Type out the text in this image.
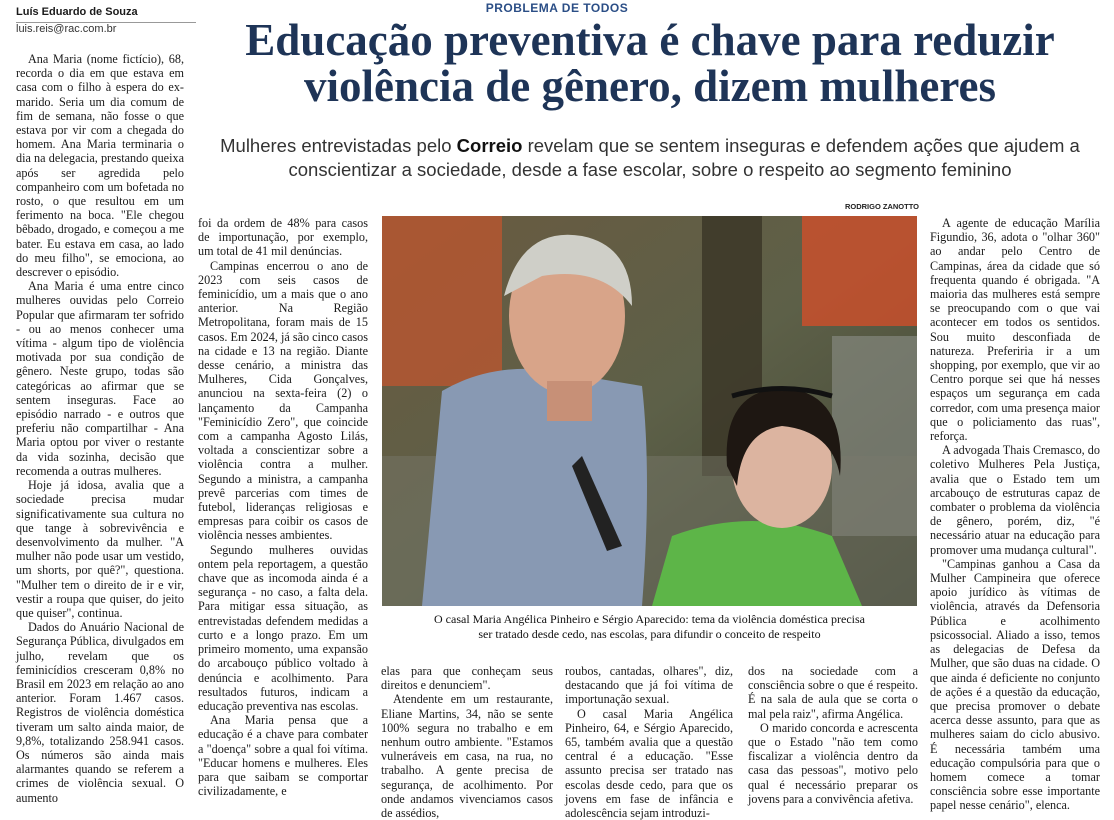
Luís Eduardo de Souza
luis.reis@rac.com.br
PROBLEMA DE TODOS
Educação preventiva é chave para reduzir
violência de gênero, dizem mulheres
Mulheres entrevistadas pelo Correio revelam que se sentem inseguras e defendem ações que ajudem a conscientizar a sociedade, desde a fase escolar, sobre o respeito ao segmento feminino
RODRIGO ZANOTTO
O casal Maria Angélica Pinheiro e Sérgio Aparecido: tema da violência doméstica precisa
ser tratado desde cedo, nas escolas, para difundir o conceito de respeito

Ana Maria (nome fictício), 68, recorda o dia em que estava em casa com o filho à espera do ex-marido. Seria um dia comum de fim de semana, não fosse o que estava por vir com a chegada do homem. Ana Maria terminaria o dia na delegacia, prestando queixa após ser agredida pelo companheiro com um bofetada no rosto, o que resultou em um ferimento na boca. "Ele chegou bêbado, drogado, e começou a me bater. Eu estava em casa, ao lado do meu filho", se emociona, ao descrever o episódio.

Ana Maria é uma entre cinco mulheres ouvidas pelo Correio Popular que afirmaram ter sofrido - ou ao menos conhecer uma vítima - algum tipo de violência motivada por sua condição de gênero. Neste grupo, todas são categóricas ao afirmar que se sentem inseguras. Face ao episódio narrado - e outros que preferiu não compartilhar - Ana Maria optou por viver o restante da vida sozinha, decisão que recomenda a outras mulheres.

Hoje já idosa, avalia que a sociedade precisa mudar significativamente sua cultura no que tange à sobrevivência e desenvolvimento da mulher. "A mulher não pode usar um vestido, um shorts, por quê?", questiona. "Mulher tem o direito de ir e vir, vestir a roupa que quiser, do jeito que quiser", continua.

Dados do Anuário Nacional de Segurança Pública, divulgados em julho, revelam que os feminicídios cresceram 0,8% no Brasil em 2023 em relação ao ano anterior. Foram 1.467 casos. Registros de violência doméstica tiveram um salto ainda maior, de 9,8%, totalizando 258.941 casos. Os números são ainda mais alarmantes quando se referem a crimes de violência sexual. O aumento

foi da ordem de 48% para casos de importunação, por exemplo, um total de 41 mil denúncias.

Campinas encerrou o ano de 2023 com seis casos de feminicídio, um a mais que o ano anterior. Na Região Metropolitana, foram mais de 15 casos. Em 2024, já são cinco casos na cidade e 13 na região. Diante desse cenário, a ministra das Mulheres, Cida Gonçalves, anunciou na sexta-feira (2) o lançamento da Campanha "Feminicídio Zero", que coincide com a campanha Agosto Lilás, voltada a conscientizar sobre a violência contra a mulher. Segundo a ministra, a campanha prevê parcerias com times de futebol, lideranças religiosas e empresas para coibir os casos de violência nesses ambientes.

Segundo mulheres ouvidas ontem pela reportagem, a questão chave que as incomoda ainda é a segurança - no caso, a falta dela. Para mitigar essa situação, as entrevistadas defendem medidas a curto e a longo prazo. Em um primeiro momento, uma expansão do arcabouço público voltado à denúncia e acolhimento. Para resultados futuros, indicam a educação preventiva nas escolas.

Ana Maria pensa que a educação é a chave para combater a "doença" sobre a qual foi vítima. "Educar homens e mulheres. Eles para que saibam se comportar civilizadamente, e

elas para que conheçam seus direitos e denunciem".

Atendente em um restaurante, Eliane Martins, 34, não se sente 100% segura no trabalho e em nenhum outro ambiente. "Estamos vulneráveis em casa, na rua, no trabalho. A gente precisa de segurança, de acolhimento. Por onde andamos vivenciamos casos de assédios,

roubos, cantadas, olhares", diz, destacando que já foi vítima de importunação sexual.

O casal Maria Angélica Pinheiro, 64, e Sérgio Aparecido, 65, também avalia que a questão central é a educação. "Esse assunto precisa ser tratado nas escolas desde cedo, para que os jovens em fase de infância e adolescência sejam introduzi-

dos na sociedade com a consciência sobre o que é respeito. É na sala de aula que se corta o mal pela raiz", afirma Angélica.

O marido concorda e acrescenta que o Estado "não tem como fiscalizar a violência dentro da casa das pessoas", motivo pelo qual é necessário preparar os jovens para a convivência afetiva.

A agente de educação Marília Figundio, 36, adota o "olhar 360" ao andar pelo Centro de Campinas, área da cidade que só frequenta quando é obrigada. "A maioria das mulheres está sempre se preocupando com o que vai acontecer em todos os sentidos. Sou muito desconfiada de natureza. Preferiria ir a um shopping, por exemplo, que vir ao Centro porque sei que há nesses espaços um segurança em cada corredor, com uma presença maior que o policiamento das ruas", reforça.

A advogada Thais Cremasco, do coletivo Mulheres Pela Justiça, avalia que o Estado tem um arcabouço de estruturas capaz de combater o problema da violência de gênero, porém, diz, "é necessário atuar na educação para promover uma mudança cultural".

"Campinas ganhou a Casa da Mulher Campineira que oferece apoio jurídico às vítimas de violência, através da Defensoria Pública e acolhimento psicossocial. Aliado a isso, temos as delegacias de Defesa da Mulher, que são duas na cidade. O que ainda é deficiente no conjunto de ações é a questão da educação, que precisa promover o debate acerca desse assunto, para que as mulheres saiam do ciclo abusivo. É necessária também uma educação compulsória para que o homem comece a tomar consciência sobre esse importante papel nesse cenário", elenca.
